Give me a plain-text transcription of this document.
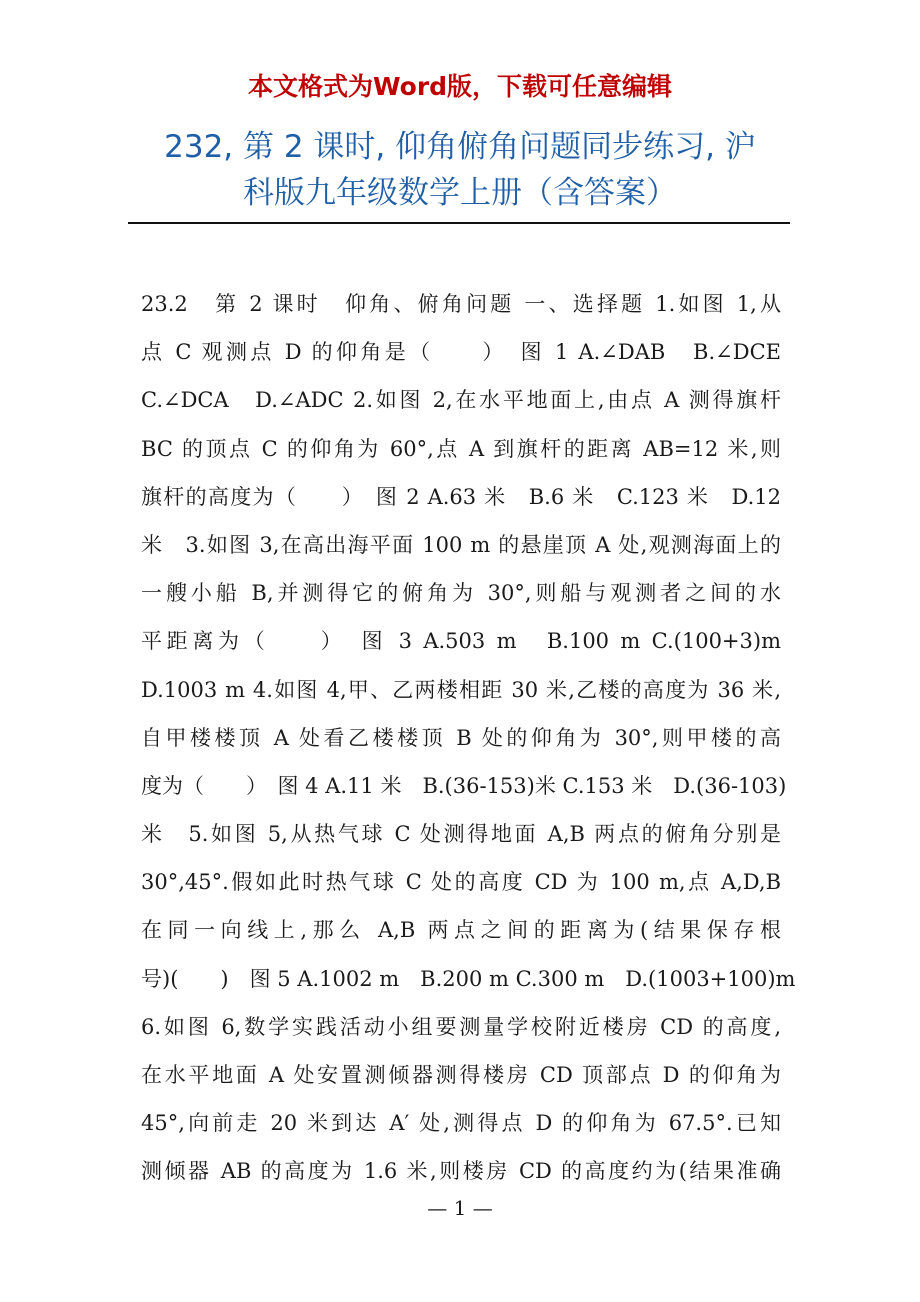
本文格式为Word版，下载可任意编辑
232, 第 2 课时, 仰角俯角问题同步练习, 沪
科版九年级数学上册（含答案）
23.2　第 2 课时　仰角、俯角问题 一、选择题 1.如图 1,从
点 C 观测点 D 的仰角是（　　）　图 1 A.∠DAB　B.∠DCE
C.∠DCA　D.∠ADC 2.如图 2,在水平地面上,由点 A 测得旗杆
BC 的顶点 C 的仰角为 60°,点 A 到旗杆的距离 AB=12 米,则
旗杆的高度为（　　）　图 2 A.63 米　B.6 米　C.123 米　D.12
米　3.如图 3,在高出海平面 100 m 的悬崖顶 A 处,观测海面上的
一艘小船 B,并测得它的俯角为 30°,则船与观测者之间的水
平距离为（　　）　图 3 A.503 m　B.100 m C.(100+3)m
D.1003 m 4.如图 4,甲、乙两楼相距 30 米,乙楼的高度为 36 米,
自甲楼楼顶 A 处看乙楼楼顶 B 处的仰角为 30°,则甲楼的高
度为（　　）　图 4 A.11 米　B.(36-153)米 C.153 米　D.(36-103)
米　5.如图 5,从热气球 C 处测得地面 A,B 两点的俯角分别是
30°,45°.假如此时热气球 C 处的高度 CD 为 100 m,点 A,D,B
在同一向线上,那么 A,B 两点之间的距离为(结果保存根
号)(　　)　图 5 A.1002 m　B.200 m C.300 m　D.(1003+100)m
6.如图 6,数学实践活动小组要测量学校附近楼房 CD 的高度,
在水平地面 A 处安置测倾器测得楼房 CD 顶部点 D 的仰角为
45°,向前走 20 米到达 A′ 处,测得点 D 的仰角为 67.5°.已知
测倾器 AB 的高度为 1.6 米,则楼房 CD 的高度约为(结果准确
— 1 —
